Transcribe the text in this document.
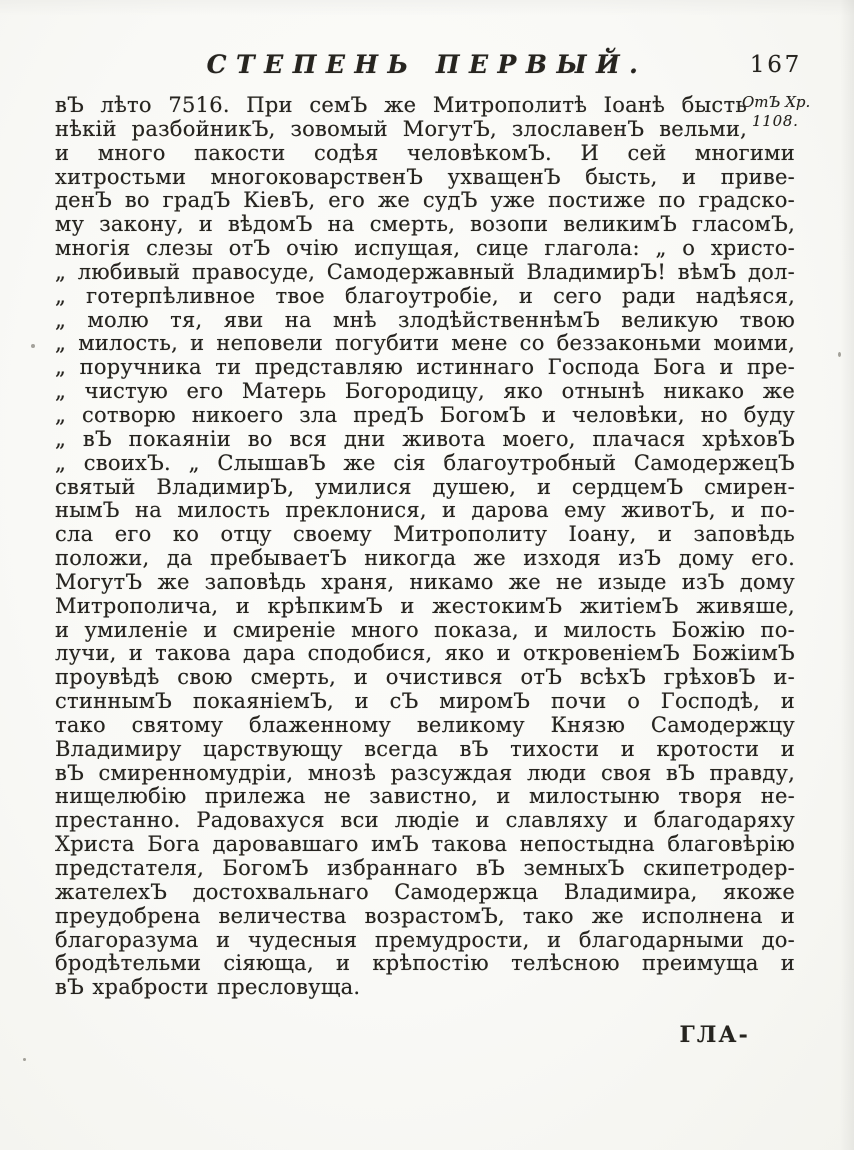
СТЕПЕНЬ ПЕРВЫЙ.	167
ОтЪ Хр.
1108.
вЪ лѣто 7516. При семЪ же Митрополитѣ Іоанѣ бысть
нѣкій разбойникЪ, зовомый МогутЪ, злославенЪ вельми,
и много пакости содѣя человѣкомЪ. И сей многими
хитростьми многоковарственЪ ухващенЪ бысть, и приве-
денЪ во градЪ КіевЪ, его же судЪ уже постиже по градско-
му закону, и вѣдомЪ на смерть, возопи великимЪ гласомЪ,
многія слезы отЪ очію испущая, сице глагола: „ о христо-
„ любивый правосуде, Самодержавный ВладимирЪ! вѣмЪ дол-
„ готерпѣливное твое благоутробіе, и сего ради надѣяся,
„ молю тя, яви на мнѣ злодѣйственнѣмЪ великую твою
„ милость, и неповели погубити мене со беззаконьми моими,
„ поручника ти представляю истиннаго Господа Бога и пре-
„ чистую его Матерь Богородицу, яко отнынѣ никако же
„ сотворю никоего зла предЪ БогомЪ и человѣки, но буду
„ вЪ покаяніи во вся дни живота моего, плачася хрѣховЪ
„ своихЪ. „ СлышавЪ же сія благоутробный СамодержецЪ
святый ВладимирЪ, умилися душею, и сердцемЪ смирен-
нымЪ на милость преклонися, и дарова ему животЪ, и по-
сла его ко отцу своему Митрополиту Іоану, и заповѣдь
положи, да пребываетЪ никогда же изходя изЪ дому его.
МогутЪ же заповѣдь храня, никамо же не изыде изЪ дому
Митрополича, и крѣпкимЪ и жестокимЪ житіемЪ живяше,
и умиленіе и смиреніе много показа, и милость Божію по-
лучи, и такова дара сподобися, яко и откровеніемЪ БожіимЪ
проувѣдѣ свою смерть, и очистився отЪ всѣхЪ грѣховЪ и-
стиннымЪ покаяніемЪ, и сЪ миромЪ почи о Господѣ, и
тако святому блаженному великому Князю Самодержцу
Владимиру царствующу всегда вЪ тихости и кротости и
вЪ смиренномудріи, мнозѣ разсуждая люди своя вЪ правду,
нищелюбію прилежа не завистно, и милостыню творя не-
престанно. Радовахуся вси людіе и славляху и благодаряху
Христа Бога даровавшаго имЪ такова непостыдна благовѣрію
предстателя, БогомЪ избраннаго вЪ земныхЪ скипетродер-
жателехЪ достохвальнаго Самодержца Владимира, якоже
преудобрена величества возрастомЪ, тако же исполнена и
благоразума и чудесныя премудрости, и благодарными до-
бродѣтельми сіяюща, и крѣпостію телѣсною преимуща и
вЪ храбрости пресловуща.
ГЛА-
